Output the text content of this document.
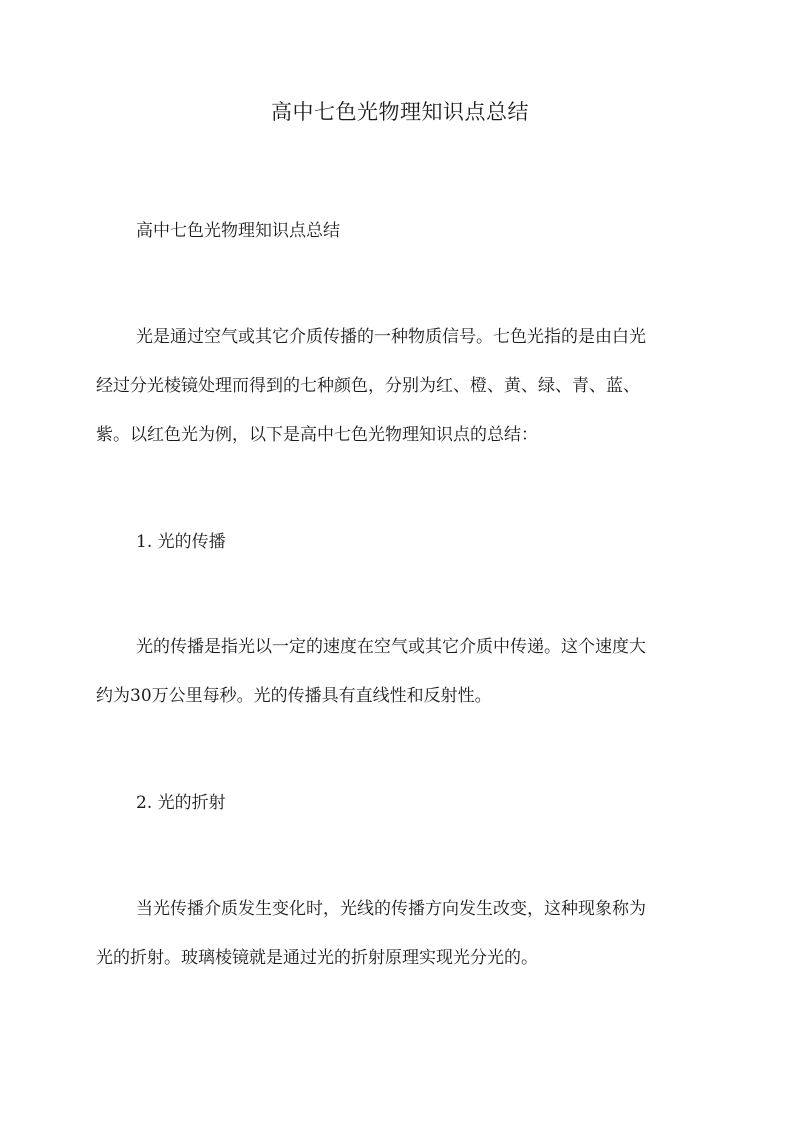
高中七色光物理知识点总结
高中七色光物理知识点总结
光是通过空气或其它介质传播的一种物质信号。七色光指的是由白光
经过分光棱镜处理而得到的七种颜色，分别为红、橙、黄、绿、青、蓝、
紫。以红色光为例，以下是高中七色光物理知识点的总结：
1. 光的传播
光的传播是指光以一定的速度在空气或其它介质中传递。这个速度大
约为30万公里每秒。光的传播具有直线性和反射性。
2. 光的折射
当光传播介质发生变化时，光线的传播方向发生改变，这种现象称为
光的折射。玻璃棱镜就是通过光的折射原理实现光分光的。
